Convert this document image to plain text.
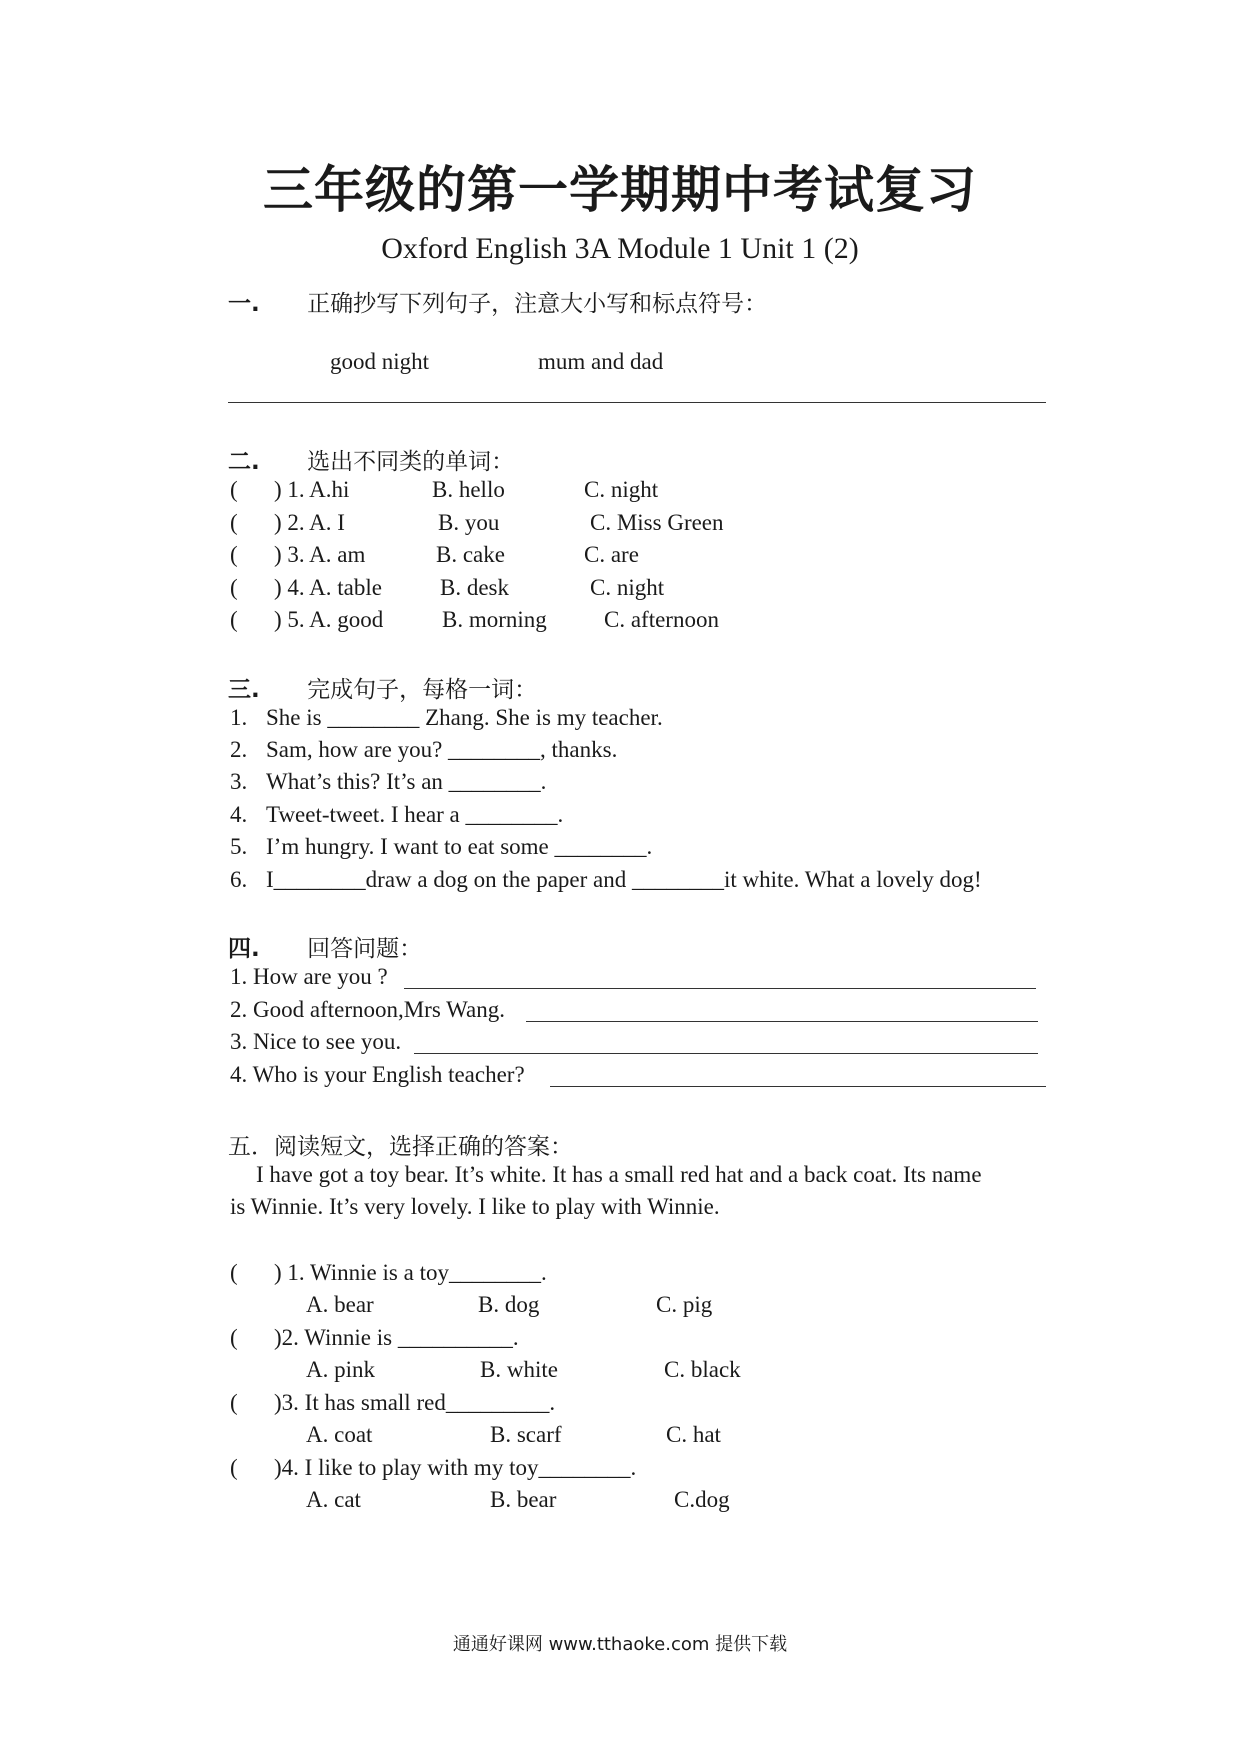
三年级的第一学期期中考试复习
Oxford English 3A Module 1 Unit 1 (2)
一. 正确抄写下列句子，注意大小写和标点符号：
good night	mum and dad
二. 选出不同类的单词：
( ) 1. A.hi	B. hello	C. night
( ) 2. A. I	B. you	C. Miss Green
( ) 3. A. am	B. cake	C. are
( ) 4. A. table	B. desk	C. night
( ) 5. A. good	B. morning C. afternoon
三. 完成句子，每格一词：
1. She is ________ Zhang. She is my teacher.
2. Sam, how are you? ________, thanks.
3. What’s this? It’s an ________.
4. Tweet-tweet. I hear a ________.
5. I’m hungry. I want to eat some ________.
6. I________draw a dog on the paper and ________it white. What a lovely dog!
四. 回答问题：
1. How are you ?
2. Good afternoon,Mrs Wang.
3. Nice to see you.
4. Who is your English teacher?
五．阅读短文，选择正确的答案：
I have got a toy bear. It’s white. It has a small red hat and a back coat. Its name
is Winnie. It’s very lovely. I like to play with Winnie.
( ) 1. Winnie is a toy________.
A. bear	B. dog	C. pig
( )2. Winnie is __________.
A. pink	B. white	C. black
( )3. It has small red_________.
A. coat	B. scarf	C. hat
( )4. I like to play with my toy________.
A. cat	B. bear	C.dog
通通好课网 www.tthaoke.com 提供下载
